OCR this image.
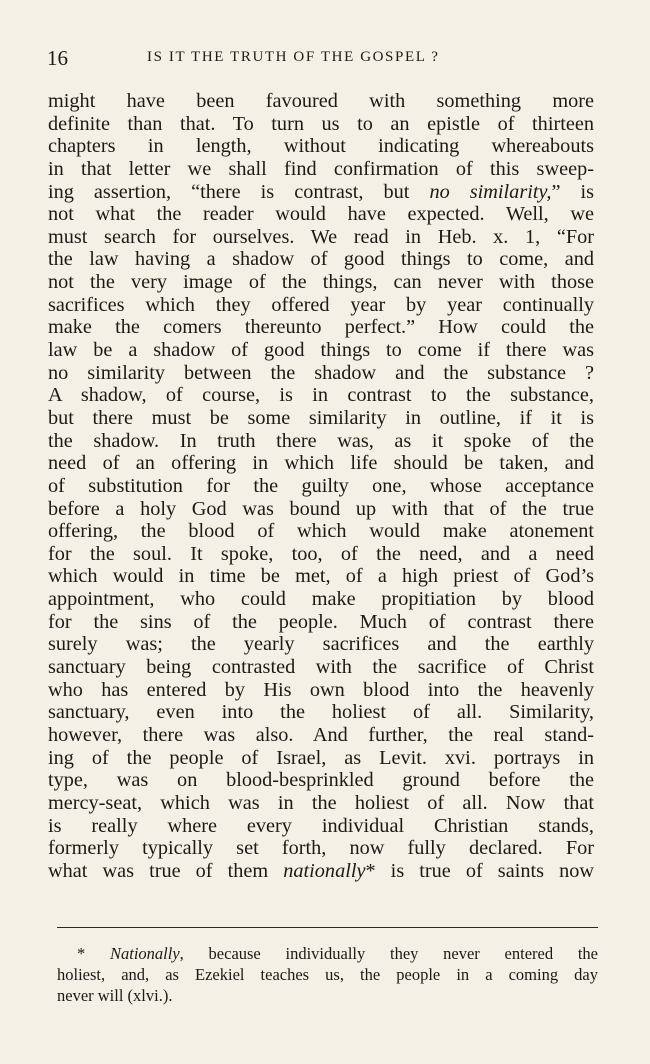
16	IS IT THE TRUTH OF THE GOSPEL ?
might have been favoured with something more
definite than that. To turn us to an epistle of thirteen
chapters in length, without indicating whereabouts
in that letter we shall find confirmation of this sweep-
ing assertion, “there is contrast, but no similarity,” is
not what the reader would have expected. Well, we
must search for ourselves. We read in Heb. x. 1, “For
the law having a shadow of good things to come, and
not the very image of the things, can never with those
sacrifices which they offered year by year continually
make the comers thereunto perfect.” How could the
law be a shadow of good things to come if there was
no similarity between the shadow and the substance ?
A shadow, of course, is in contrast to the substance,
but there must be some similarity in outline, if it is
the shadow. In truth there was, as it spoke of the
need of an offering in which life should be taken, and
of substitution for the guilty one, whose acceptance
before a holy God was bound up with that of the true
offering, the blood of which would make atonement
for the soul. It spoke, too, of the need, and a need
which would in time be met, of a high priest of God’s
appointment, who could make propitiation by blood
for the sins of the people. Much of contrast there
surely was; the yearly sacrifices and the earthly
sanctuary being contrasted with the sacrifice of Christ
who has entered by His own blood into the heavenly
sanctuary, even into the holiest of all. Similarity,
however, there was also. And further, the real stand-
ing of the people of Israel, as Levit. xvi. portrays in
type, was on blood-besprinkled ground before the
mercy-seat, which was in the holiest of all. Now that
is really where every individual Christian stands,
formerly typically set forth, now fully declared. For
what was true of them nationally* is true of saints now
* Nationally, because individually they never entered the
holiest, and, as Ezekiel teaches us, the people in a coming day
never will (xlvi.).
